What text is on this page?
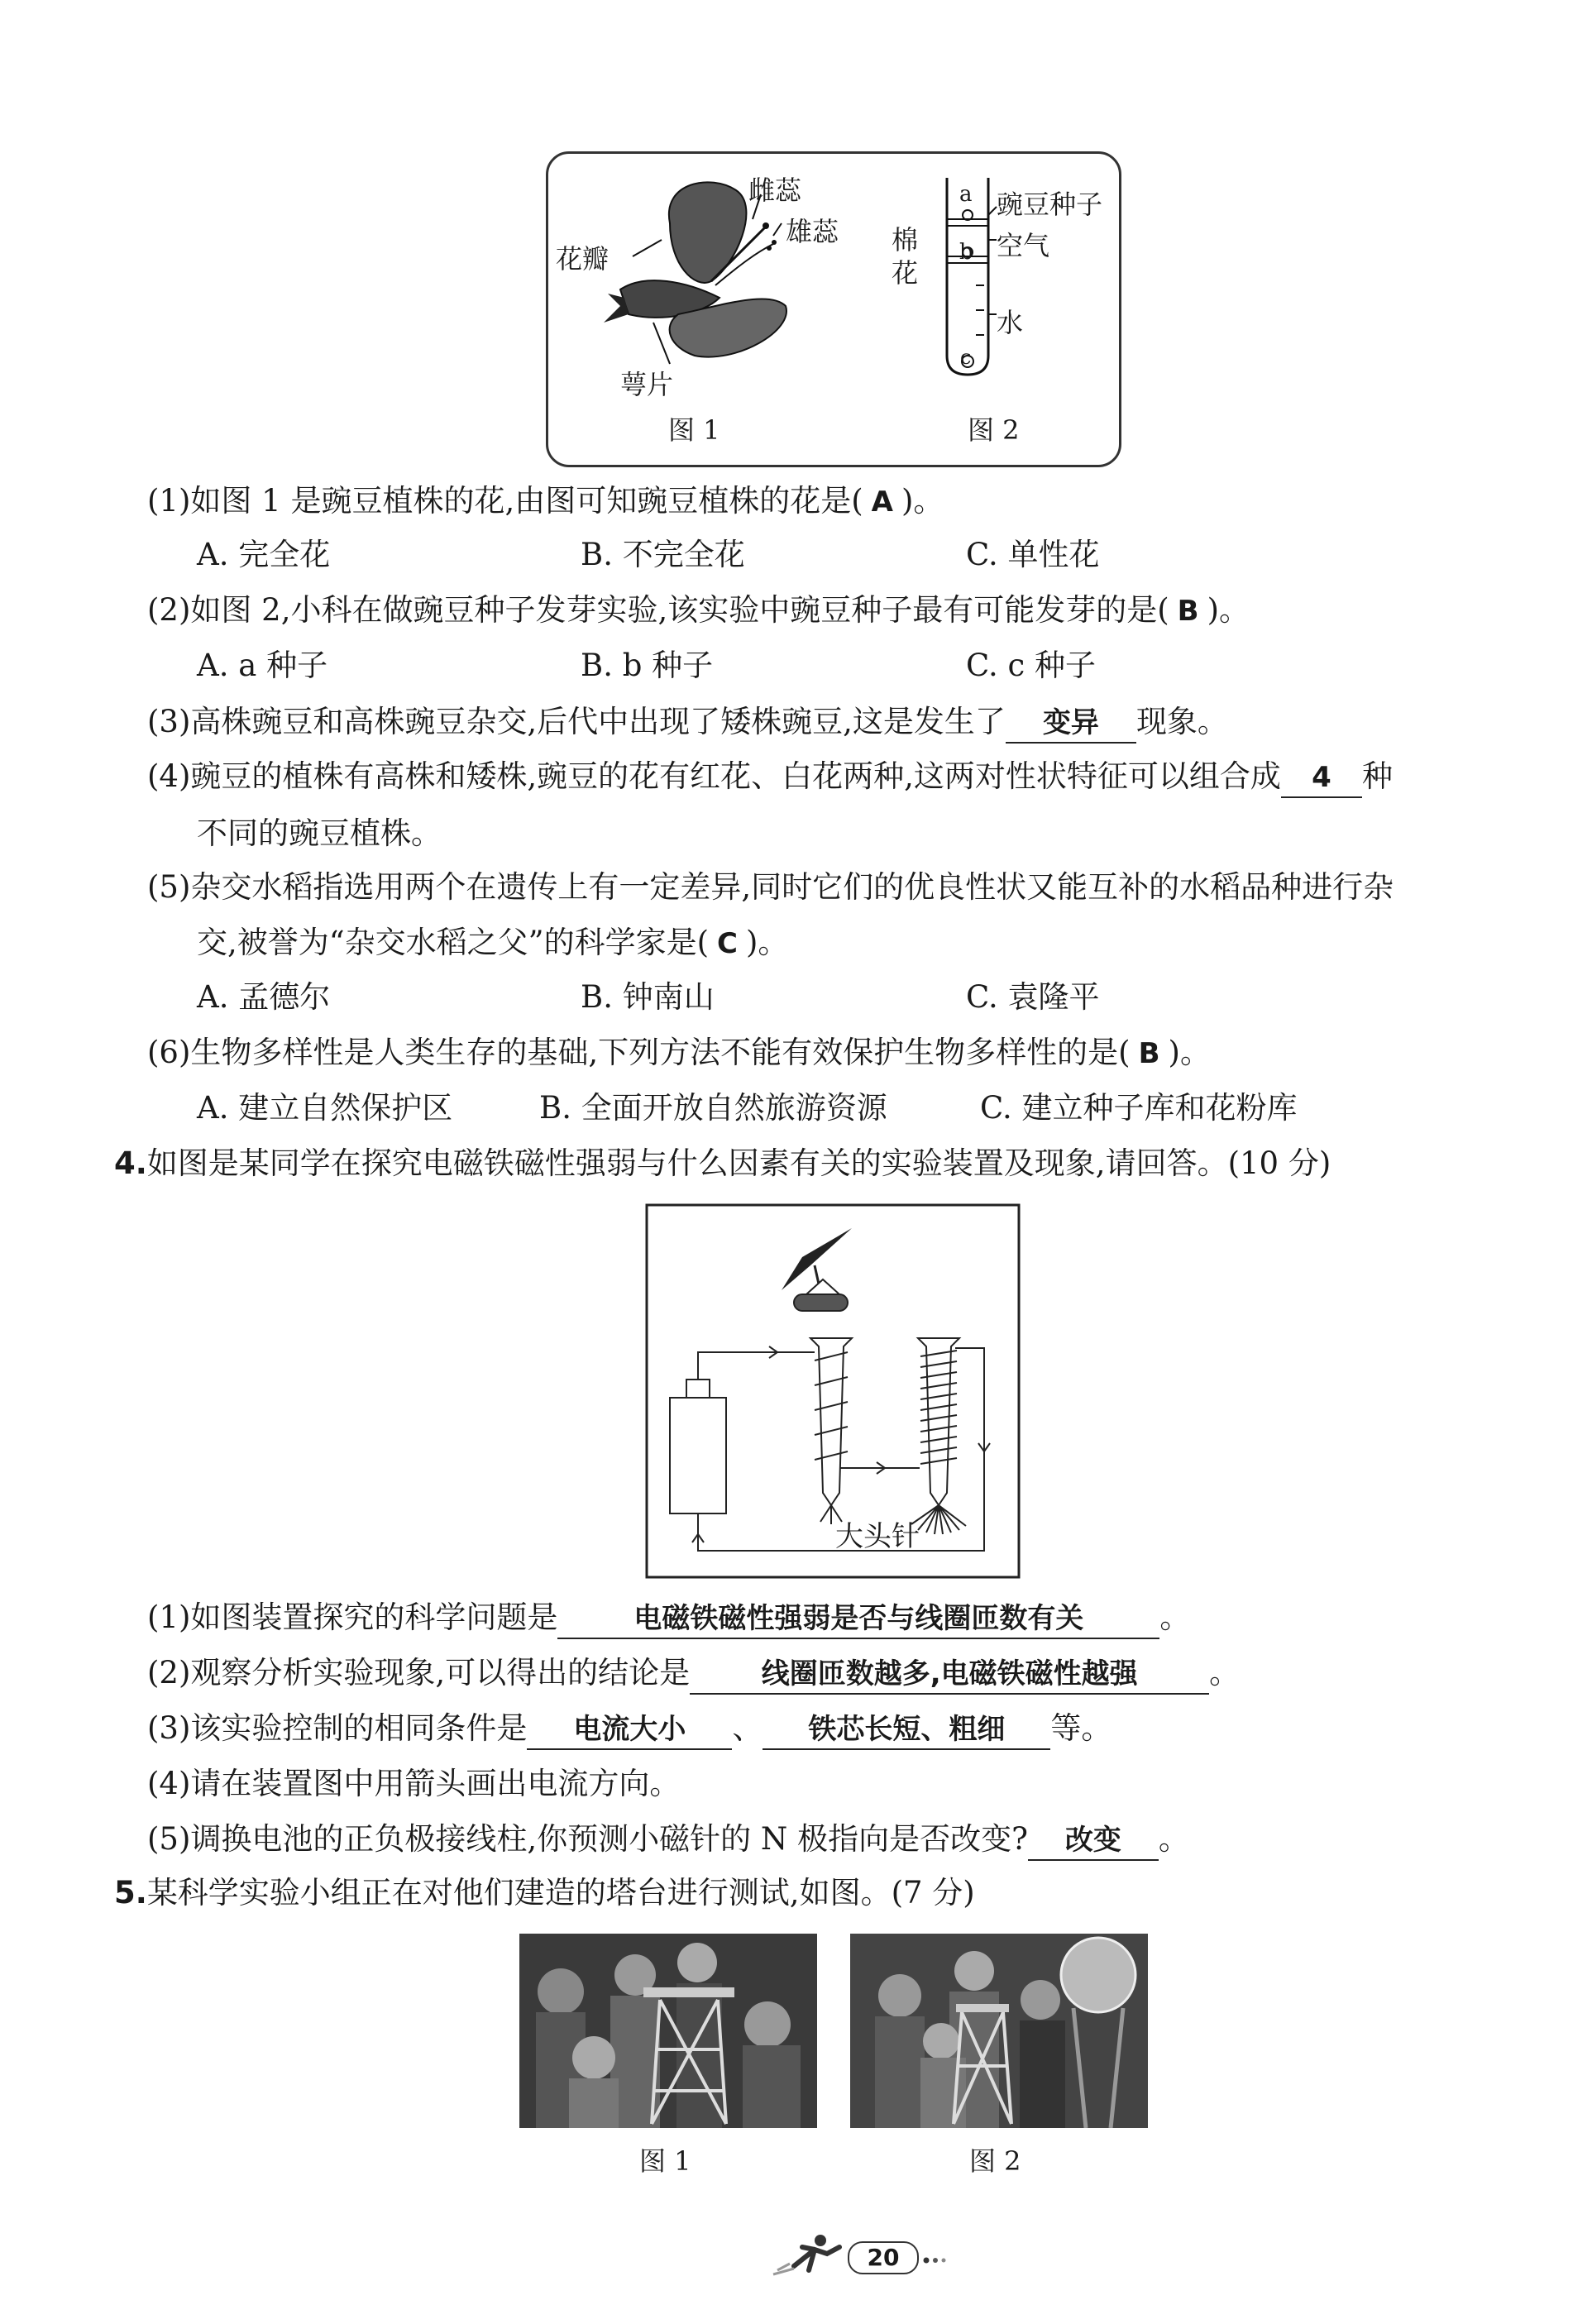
雌蕊
雄蕊
花瓣
萼片
图 1
a
b
c
豌豆种子
空气
棉
花
水
图 2
(1)如图 1 是豌豆植株的花,由图可知豌豆植株的花是( A )。
A. 完全花	B. 不完全花	C. 单性花
(2)如图 2,小科在做豌豆种子发芽实验,该实验中豌豆种子最有可能发芽的是( B )。
A. a 种子	B. b 种子	C. c 种子
(3)高株豌豆和高株豌豆杂交,后代中出现了矮株豌豆,这是发生了 变异 现象。
(4)豌豆的植株有高株和矮株,豌豆的花有红花、白花两种,这两对性状特征可以组合成 4 种
不同的豌豆植株。
(5)杂交水稻指选用两个在遗传上有一定差异,同时它们的优良性状又能互补的水稻品种进行杂
交,被誉为“杂交水稻之父”的科学家是( C )。
A. 孟德尔	B. 钟南山	C. 袁隆平
(6)生物多样性是人类生存的基础,下列方法不能有效保护生物多样性的是( B )。
A. 建立自然保护区	B. 全面开放自然旅游资源	C. 建立种子库和花粉库
4.如图是某同学在探究电磁铁磁性强弱与什么因素有关的实验装置及现象,请回答。(10 分)
大头针
(1)如图装置探究的科学问题是	电磁铁磁性强弱是否与线圈匝数有关 。
(2)观察分析实验现象,可以得出的结论是	线圈匝数越多,电磁铁磁性越强 。
(3)该实验控制的相同条件是 电流大小 、 铁芯长短、粗细 等。
(4)请在装置图中用箭头画出电流方向。
(5)调换电池的正负极接线柱,你预测小磁针的 N 极指向是否改变? 改变 。
5.某科学实验小组正在对他们建造的塔台进行测试,如图。(7 分)
图 1	图 2
20
